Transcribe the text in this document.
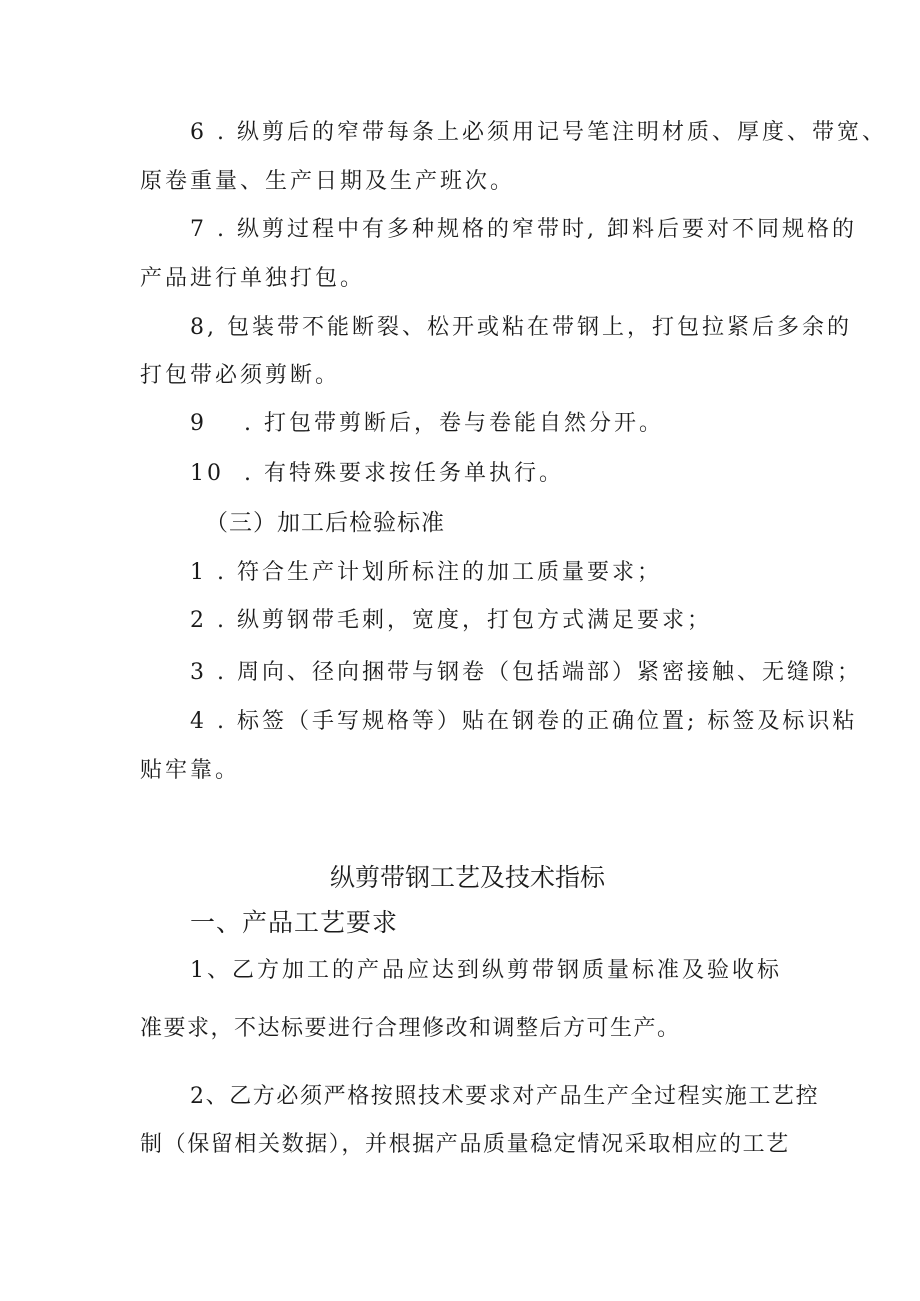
6 . 纵剪后的窄带每条上必须用记号笔注明材质、厚度、带宽、
原卷重量、生产日期及生产班次。
7 . 纵剪过程中有多种规格的窄带时, 卸料后要对不同规格的
产品进行单独打包。
8, 包装带不能断裂、松开或粘在带钢上，打包拉紧后多余的
打包带必须剪断。
9 . 打包带剪断后，卷与卷能自然分开。
10 . 有特殊要求按任务单执行。
（三）加工后检验标准
1 . 符合生产计划所标注的加工质量要求；
2 . 纵剪钢带毛刺，宽度，打包方式满足要求；
3 . 周向、径向捆带与钢卷（包括端部）紧密接触、无缝隙；
4 . 标签（手写规格等）贴在钢卷的正确位置; 标签及标识粘
贴牢靠。
纵剪带钢工艺及技术指标
一、产品工艺要求
1、乙方加工的产品应达到纵剪带钢质量标准及验收标
准要求，不达标要进行合理修改和调整后方可生产。
2、乙方必须严格按照技术要求对产品生产全过程实施工艺控
制（保留相关数据），并根据产品质量稳定情况采取相应的工艺
